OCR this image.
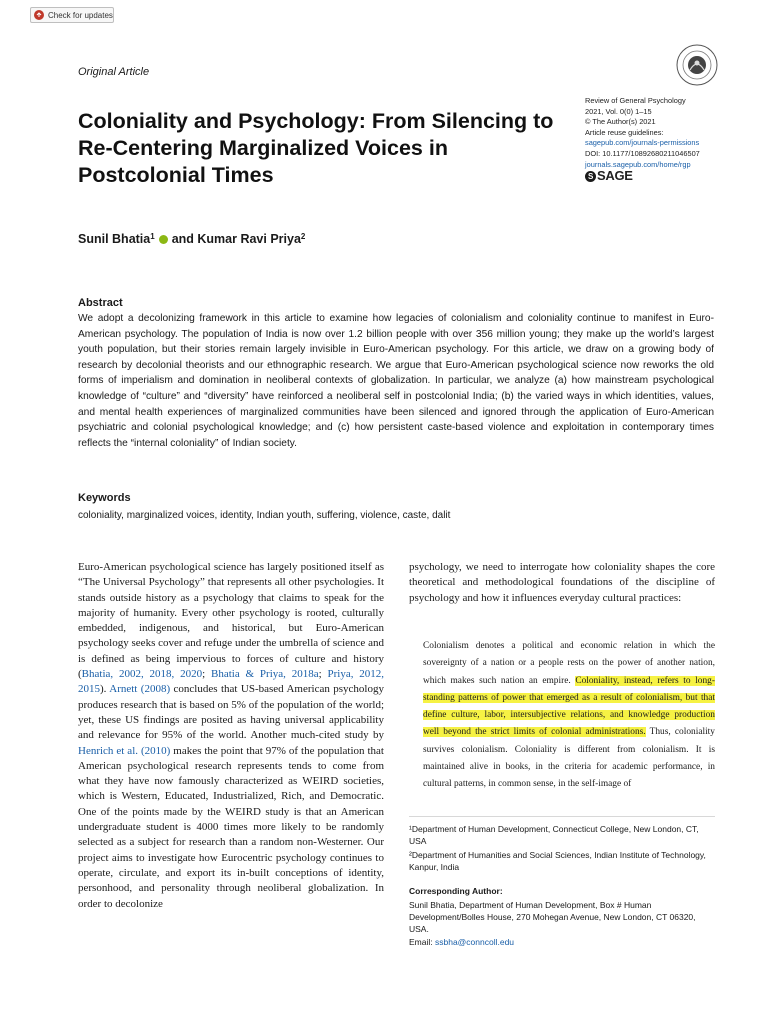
Check for updates
Original Article
Review of General Psychology
2021, Vol. 0(0) 1–15
© The Author(s) 2021
Article reuse guidelines:
sagepub.com/journals-permissions
DOI: 10.1177/10892680211046507
journals.sagepub.com/home/rgp
S SAGE
Coloniality and Psychology: From Silencing to Re-Centering Marginalized Voices in Postcolonial Times
Sunil Bhatia$^1$ and Kumar Ravi Priya$^2$
Abstract
We adopt a decolonizing framework in this article to examine how legacies of colonialism and coloniality continue to manifest in Euro-American psychology. The population of India is now over 1.2 billion people with over 356 million young; they make up the world’s largest youth population, but their stories remain largely invisible in Euro-American psychology. For this article, we draw on a growing body of research by decolonial theorists and our ethnographic research. We argue that Euro-American psychological science now reworks the old forms of imperialism and domination in neoliberal contexts of globalization. In particular, we analyze (a) how mainstream psychological knowledge of “culture” and “diversity” have reinforced a neoliberal self in postcolonial India; (b) the varied ways in which identities, values, and mental health experiences of marginalized communities have been silenced and ignored through the application of Euro-American psychiatric and colonial psychological knowledge; and (c) how persistent caste-based violence and exploitation in contemporary times reflects the “internal coloniality” of Indian society.
Keywords
coloniality, marginalized voices, identity, Indian youth, suffering, violence, caste, dalit
Euro-American psychological science has largely positioned itself as “The Universal Psychology” that represents all other psychologies. It stands outside history as a psychology that claims to speak for the majority of humanity. Every other psychology is rooted, culturally embedded, indigenous, and historical, but Euro-American psychology seeks cover and refuge under the umbrella of science and is defined as being impervious to forces of culture and history (Bhatia, 2002, 2018, 2020; Bhatia & Priya, 2018a; Priya, 2012, 2015). Arnett (2008) concludes that US-based American psychology produces research that is based on 5% of the population of the world; yet, these US findings are posited as having universal applicability and relevance for 95% of the world. Another much-cited study by Henrich et al. (2010) makes the point that 97% of the population that American psychological research represents tends to come from what they have now famously characterized as WEIRD societies, which is Western, Educated, Industrialized, Rich, and Democratic. One of the points made by the WEIRD study is that an American undergraduate student is 4000 times more likely to be randomly selected as a subject for research than a random non-Westerner. Our project aims to investigate how Eurocentric psychology continues to operate, circulate, and export its in-built conceptions of identity, personhood, and personality through neoliberal globalization. In order to decolonize
psychology, we need to interrogate how coloniality shapes the core theoretical and methodological foundations of the discipline of psychology and how it influences everyday cultural practices:
Colonialism denotes a political and economic relation in which the sovereignty of a nation or a people rests on the power of another nation, which makes such nation an empire. Coloniality, instead, refers to long-standing patterns of power that emerged as a result of colonialism, but that define culture, labor, intersubjective relations, and knowledge production well beyond the strict limits of colonial administrations. Thus, coloniality survives colonialism. Coloniality is different from colonialism. It is maintained alive in books, in the criteria for academic performance, in cultural patterns, in common sense, in the self-image of
¹Department of Human Development, Connecticut College, New London, CT, USA
²Department of Humanities and Social Sciences, Indian Institute of Technology, Kanpur, India
Corresponding Author:
Sunil Bhatia, Department of Human Development, Box # Human Development/Bolles House, 270 Mohegan Avenue, New London, CT 06320, USA.
Email: ssbha@conncoll.edu
